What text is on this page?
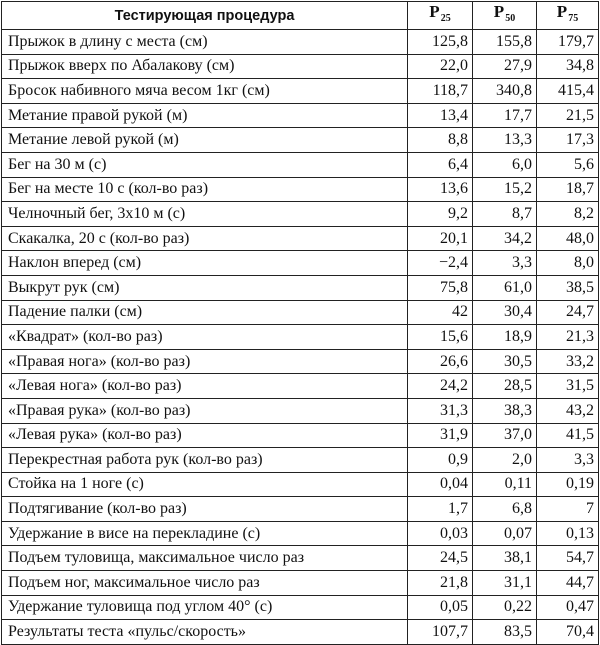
Тестирующая процедура	$P_{25}$	$P_{50}$	$P_{75}$
Прыжок в длину с места (см)	125,8	155,8	179,7
Прыжок вверх по Абалакову (см)	22,0	27,9	34,8
Бросок набивного мяча весом 1кг (см)	118,7	340,8	415,4
Метание правой рукой (м)	13,4	17,7	21,5
Метание левой рукой (м)	8,8	13,3	17,3
Бег на 30 м (с)	6,4	6,0	5,6
Бег на месте 10 с (кол-во раз)	13,6	15,2	18,7
Челночный бег, 3х10 м (с)	9,2	8,7	8,2
Скакалка, 20 с (кол-во раз)	20,1	34,2	48,0
Наклон вперед (см)	−2,4	3,3	8,0
Выкрут рук (см)	75,8	61,0	38,5
Падение палки (см)	42	30,4	24,7
«Квадрат» (кол-во раз)	15,6	18,9	21,3
«Правая нога» (кол-во раз)	26,6	30,5	33,2
«Левая нога» (кол-во раз)	24,2	28,5	31,5
«Правая рука» (кол-во раз)	31,3	38,3	43,2
«Левая рука» (кол-во раз)	31,9	37,0	41,5
Перекрестная работа рук (кол-во раз)	0,9	2,0	3,3
Стойка на 1 ноге (с)	0,04	0,11	0,19
Подтягивание (кол-во раз)	1,7	6,8	7
Удержание в висе на перекладине (с)	0,03	0,07	0,13
Подъем туловища, максимальное число раз	24,5	38,1	54,7
Подъем ног, максимальное число раз	21,8	31,1	44,7
Удержание туловища под углом 40° (с)	0,05	0,22	0,47
Результаты теста «пульс/скорость»	107,7	83,5	70,4
